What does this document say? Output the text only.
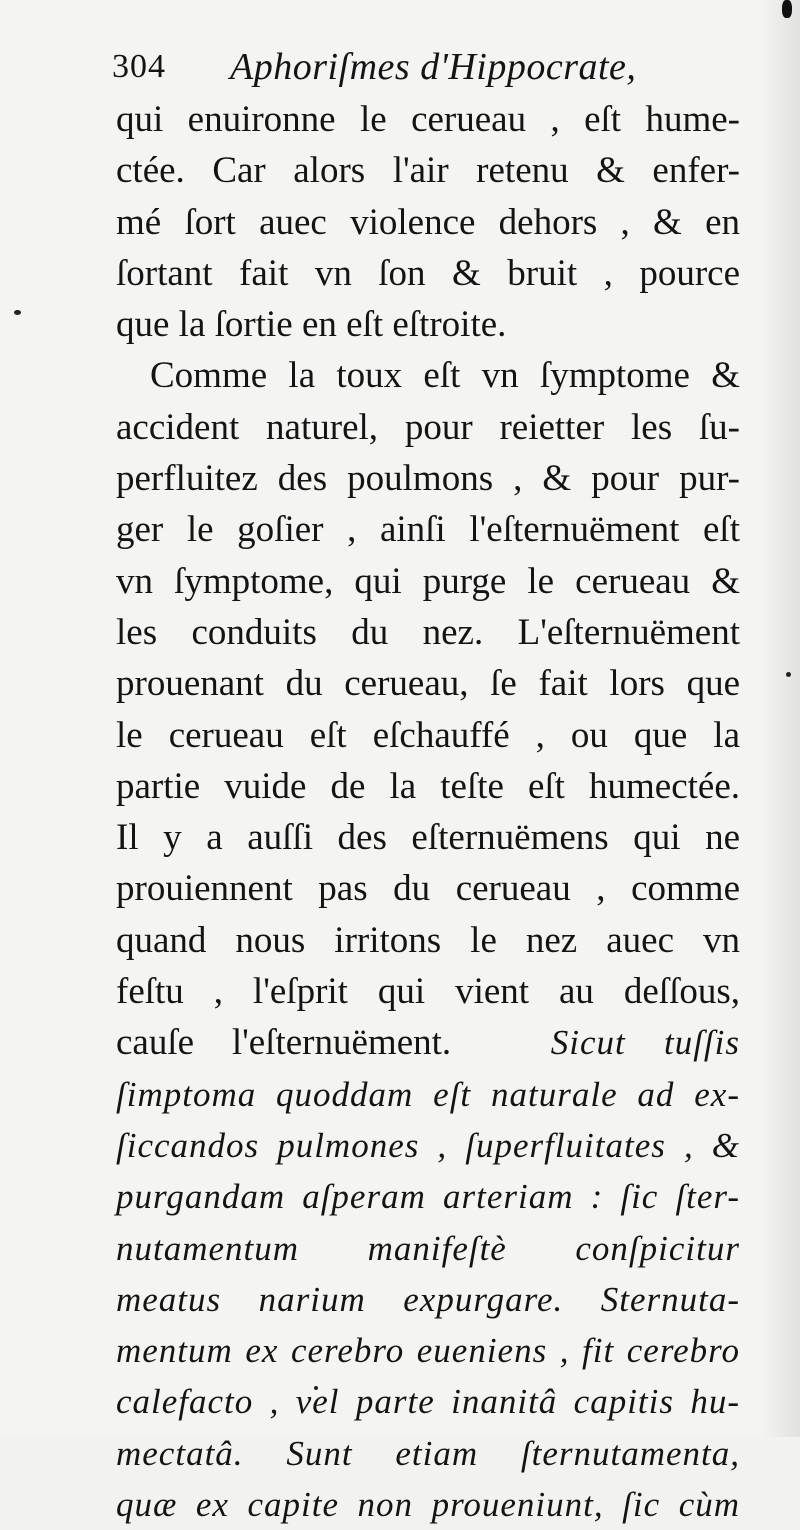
304 Aphoriſmes d'Hippocrate,
qui enuironne le cerueau , eſt hume-
ctée. Car alors l'air retenu & enfer-
mé ſort auec violence dehors , & en
ſortant fait vn ſon & bruit , pource
que la ſortie en eſt eſtroite.
Comme la toux eſt vn ſymptome &
accident naturel, pour reietter les ſu-
perfluitez des poulmons , & pour pur-
ger le goſier , ainſi l'eſternuëment eſt
vn ſymptome, qui purge le cerueau &
les conduits du nez. L'eſternuëment
prouenant du cerueau, ſe fait lors que
le cerueau eſt eſchauffé , ou que la
partie vuide de la teſte eſt humectée.
Il y a auſſi des eſternuëmens qui ne
prouiennent pas du cerueau , comme
quand nous irritons le nez auec vn
feſtu , l'eſprit qui vient au deſſous,
cauſe l'eſternuëment.	Sicut tuſſis
ſimptoma quoddam eſt naturale ad ex-
ſiccandos pulmones , ſuperfluitates , &
purgandam aſperam arteriam : ſic ſter-
nutamentum manifeſtè conſpicitur
meatus narium expurgare. Sternuta-
mentum ex cerebro eueniens , fit cerebro
calefacto , vel parte inanitâ capitis hu-
mectatâ. Sunt etiam ſternutamenta,
quæ ex capite non proueniunt, ſic cùm
